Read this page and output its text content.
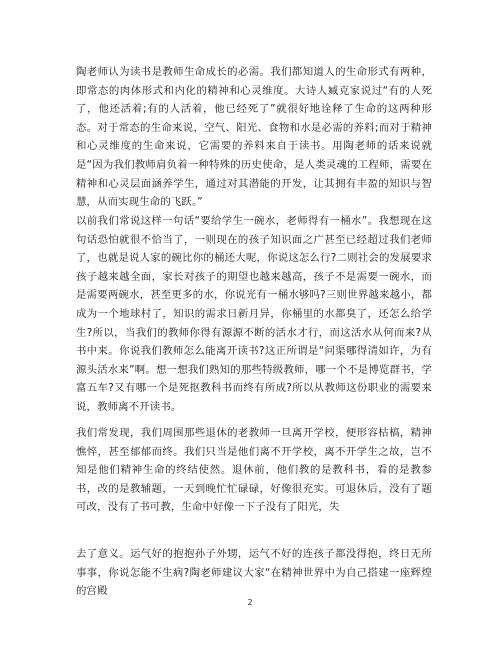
陶老师认为读书是教师生命成长的必需。我们都知道人的生命形式有两种，即常态的肉体形式和内化的精神和心灵维度。大诗人臧克家说过“有的人死了，他还活着;有的人活着，他已经死了”就很好地诠释了生命的这两种形态。对于常态的生命来说，空气、阳光、食物和水是必需的养料;而对于精神和心灵维度的生命来说，它需要的养料来自于读书。用陶老师的话来说就是“因为我们教师肩负着一种特殊的历史使命，是人类灵魂的工程师，需要在精神和心灵层面涵养学生，通过对其潜能的开发，让其拥有丰盈的知识与智慧，从而实现生命的飞跃。”

以前我们常说这样一句话“要给学生一碗水，老师得有一桶水”。我想现在这句话恐怕就很不恰当了，一则现在的孩子知识面之广甚至已经超过我们老师了，也就是说人家的碗比你的桶还大呢，你说这怎么行?二则社会的发展要求孩子越来越全面，家长对孩子的期望也越来越高，孩子不是需要一碗水，而是需要两碗水，甚至更多的水，你说光有一桶水够吗?三则世界越来越小，都成为一个地球村了，知识的需求日新月异，你桶里的水都臭了，还怎么给学生?所以，当我们的教师你得有源源不断的活水才行，而这活水从何而来?从书中来。你说我们教师怎么能离开读书?这正所谓是“问渠哪得清如许，为有源头活水来”啊。想一想我们熟知的那些特级教师，哪一个不是博览群书，学富五车?又有哪一个是死抠教科书而终有所成?所以从教师这份职业的需要来说，教师离不开读书。

我们常发现，我们周围那些退休的老教师一旦离开学校，便形容枯槁，精神憔悴，甚至郁郁而终。我们只当是他们离不开学校，离不开学生之故，岂不知是他们精神生命的终结使然。退休前，他们教的是教科书，看的是教参书，改的是教辅题，一天到晚忙忙碌碌，好像很充实。可退休后，没有了题可改，没有了书可教，生命中好像一下子没有了阳光，失

去了意义。运气好的抱抱孙子外甥，运气不好的连孩子都没得抱，终日无所事事，你说怎能不生病?陶老师建议大家“在精神世界中为自己搭建一座辉煌的宫殿

2
